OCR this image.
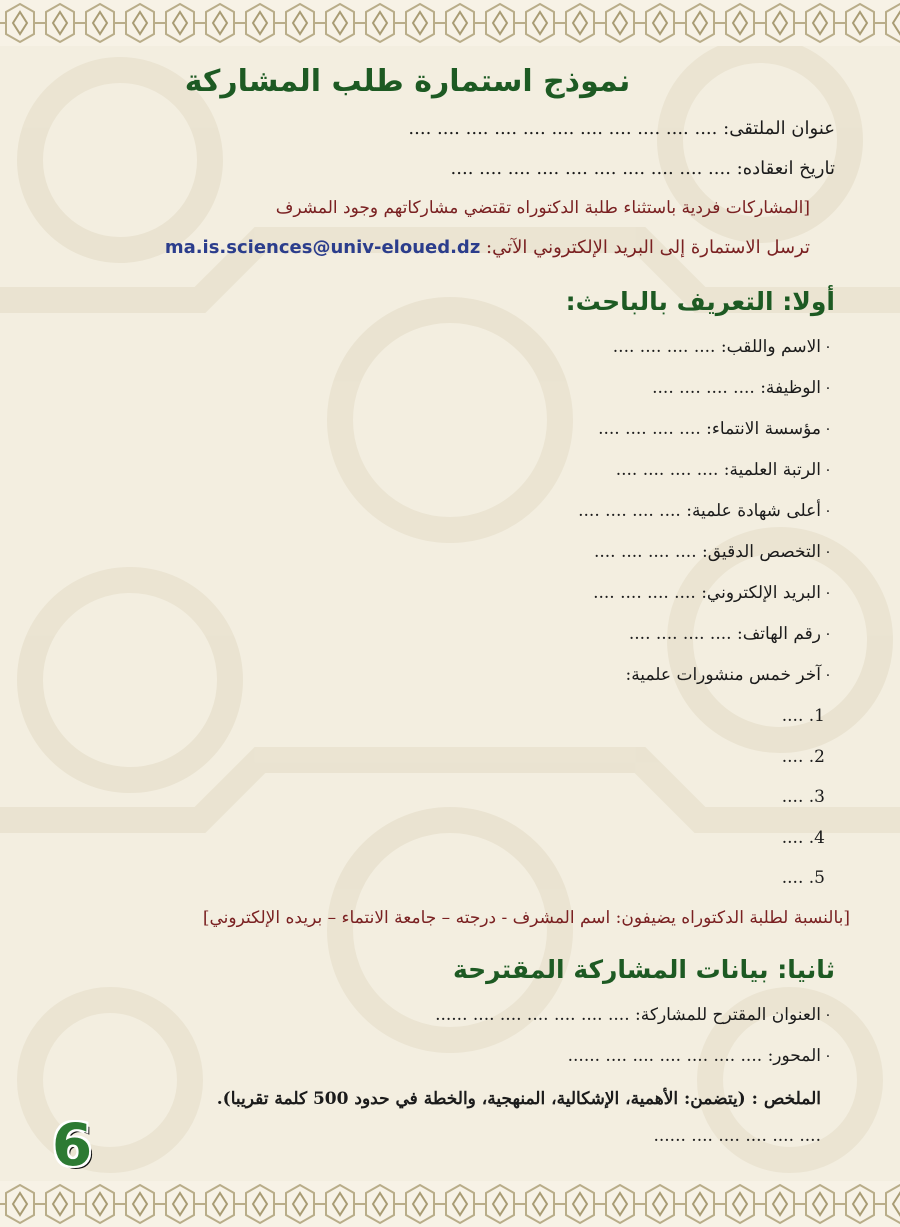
نموذج استمارة طلب المشاركة
عنوان الملتقى: .... .... .... .... .... .... .... .... .... .... ....
تاريخ انعقاده: .... .... .... .... .... .... .... .... .... ....
[المشاركات فردية باستثناء طلبة الدكتوراه تقتضي مشاركاتهم وجود المشرف
ترسل الاستمارة إلى البريد الإلكتروني الآتي: ma.is.sciences@univ-eloued.dz
أولا: التعريف بالباحث:
·الاسم واللقب: .... .... .... ....
·الوظيفة: .... .... .... ....
·مؤسسة الانتماء: .... .... .... ....
·الرتبة العلمية: .... .... .... ....
·أعلى شهادة علمية: .... .... .... ....
·التخصص الدقيق: .... .... .... ....
·البريد الإلكتروني: .... .... .... ....
·رقم الهاتف: .... .... .... ....
·آخر خمس منشورات علمية:
1. ....
2. ....
3. ....
4. ....
5. ....
[بالنسبة لطلبة الدكتوراه يضيفون: اسم المشرف - درجته – جامعة الانتماء – بريده الإلكتروني]
ثانيا: بيانات المشاركة المقترحة
·العنوان المقترح للمشاركة: .... .... .... .... .... .... ......
·المحور: .... .... .... .... .... .... ......
الملخص : (يتضمن: الأهمية، الإشكالية، المنهجية، والخطة في حدود 500 كلمة تقريبا).
.... .... .... .... .... ......
6
